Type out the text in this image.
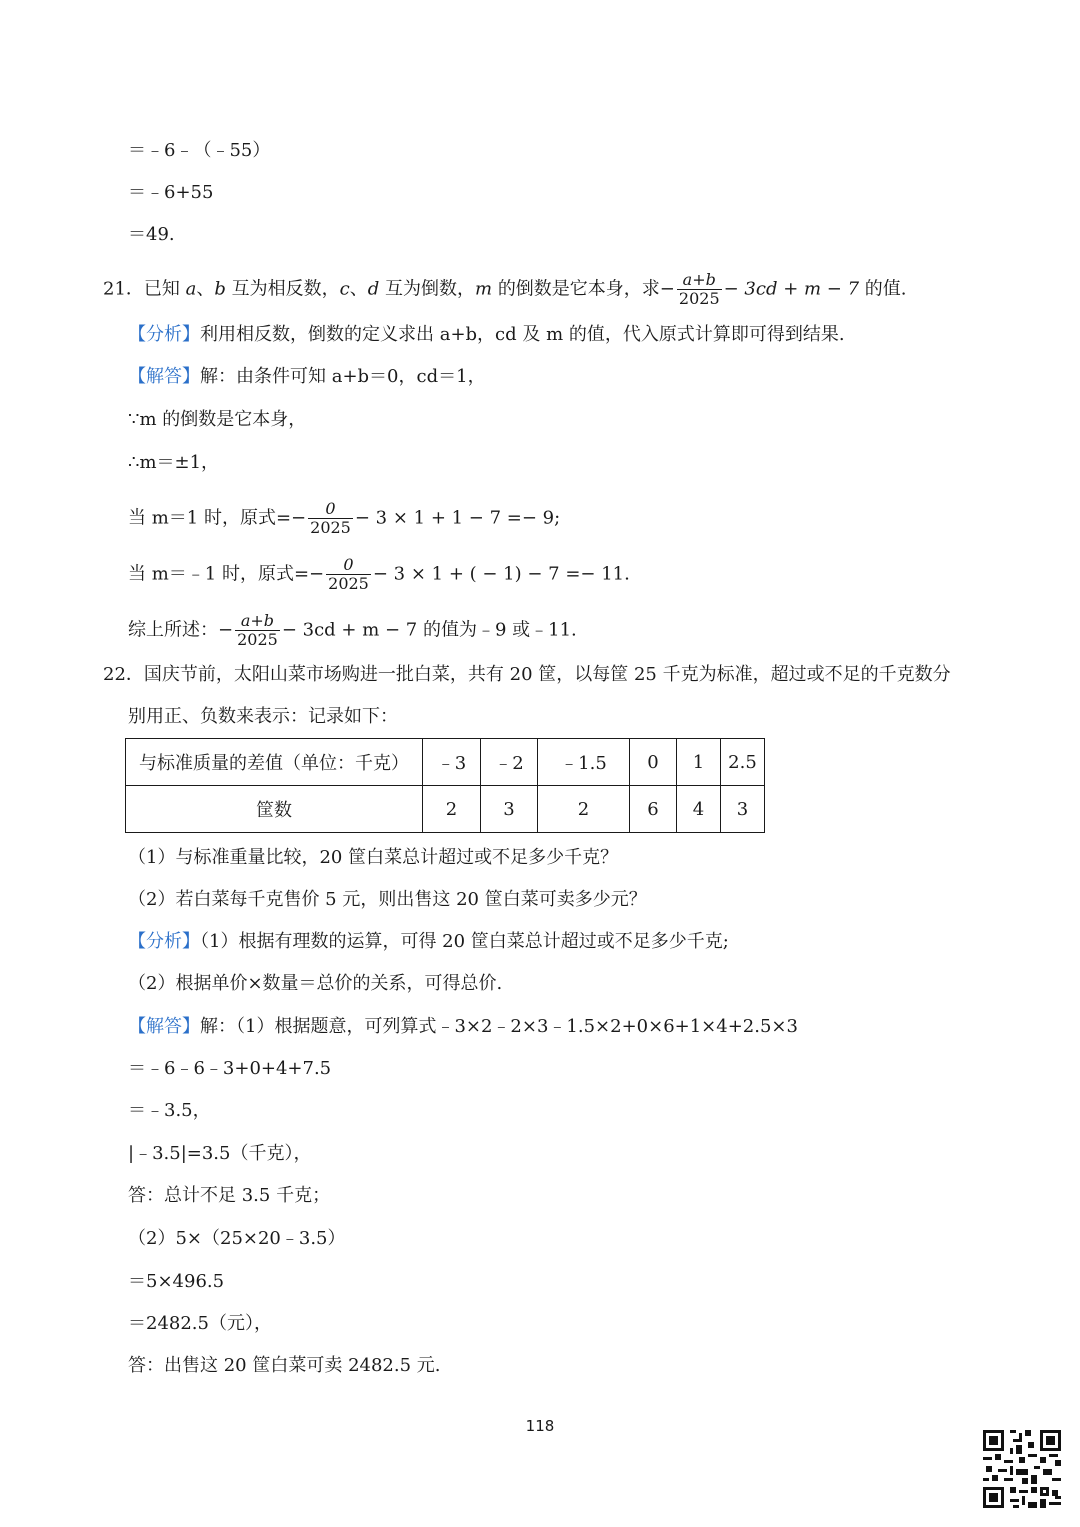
＝﹣6﹣（﹣55）
＝﹣6+55
＝49.
21．已知 a、b 互为相反数，c、d 互为倒数，m 的倒数是它本身，求− $\frac{a+b}{2025} - 3cd + m - 7$ 的值.
【分析】利用相反数，倒数的定义求出 a+b，cd 及 m 的值，代入原式计算即可得到结果.
【解答】解：由条件可知 a+b＝0，cd＝1，
∵m 的倒数是它本身，
∴m＝±1，
当 m＝1 时，原式=− $\frac{0}{2025} - 3 \times 1 + 1 - 7 =- 9$;
当 m＝﹣1 时，原式=− $\frac{0}{2025} - 3 \times 1$ + ( − 1) − 7 =− 11.
综上所述：− $\frac{a+b}{2025} - 3cd + m - 7$ 的值为﹣9 或﹣11.
22．国庆节前，太阳山菜市场购进一批白菜，共有 20 筐，以每筐 25 千克为标准，超过或不足的千克数分
别用正、负数来表示：记录如下：
与标准质量的差值（单位：千克）	﹣3	﹣2	﹣1.5	0	1	2.5
筐数	2	3	2	6	4	3
（1）与标准重量比较，20 筐白菜总计超过或不足多少千克？
（2）若白菜每千克售价 5 元，则出售这 20 筐白菜可卖多少元？
【分析】（1）根据有理数的运算，可得 20 筐白菜总计超过或不足多少千克;
（2）根据单价×数量＝总价的关系，可得总价.
【解答】解：（1）根据题意，可列算式﹣3×2﹣2×3﹣1.5×2+0×6+1×4+2.5×3
＝﹣6﹣6﹣3+0+4+7.5
＝﹣3.5，
|﹣3.5|=3.5（千克），
答：总计不足 3.5 千克；
（2）5×（25×20﹣3.5）
＝5×496.5
＝2482.5（元），
答：出售这 20 筐白菜可卖 2482.5 元.
118
